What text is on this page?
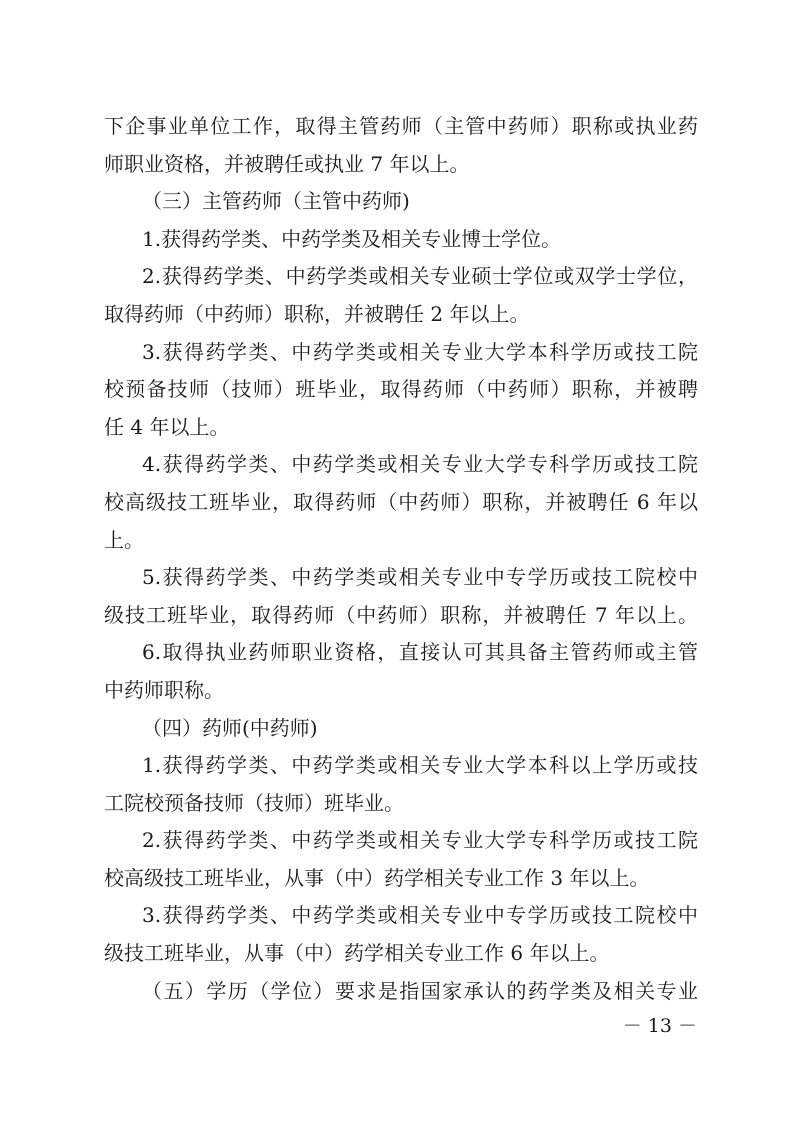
下企事业单位工作，取得主管药师（主管中药师）职称或执业药
师职业资格，并被聘任或执业 7 年以上。
（三）主管药师（主管中药师)
1.获得药学类、中药学类及相关专业博士学位。
2.获得药学类、中药学类或相关专业硕士学位或双学士学位，
取得药师（中药师）职称，并被聘任 2 年以上。
3.获得药学类、中药学类或相关专业大学本科学历或技工院
校预备技师（技师）班毕业，取得药师（中药师）职称，并被聘
任 4 年以上。
4.获得药学类、中药学类或相关专业大学专科学历或技工院
校高级技工班毕业，取得药师（中药师）职称，并被聘任 6 年以
上。
5.获得药学类、中药学类或相关专业中专学历或技工院校中
级技工班毕业，取得药师（中药师）职称，并被聘任 7 年以上。
6.取得执业药师职业资格，直接认可其具备主管药师或主管
中药师职称。
（四）药师(中药师)
1.获得药学类、中药学类或相关专业大学本科以上学历或技
工院校预备技师（技师）班毕业。
2.获得药学类、中药学类或相关专业大学专科学历或技工院
校高级技工班毕业，从事（中）药学相关专业工作 3 年以上。
3.获得药学类、中药学类或相关专业中专学历或技工院校中
级技工班毕业，从事（中）药学相关专业工作 6 年以上。
（五）学历（学位）要求是指国家承认的药学类及相关专业
－ 13 －
